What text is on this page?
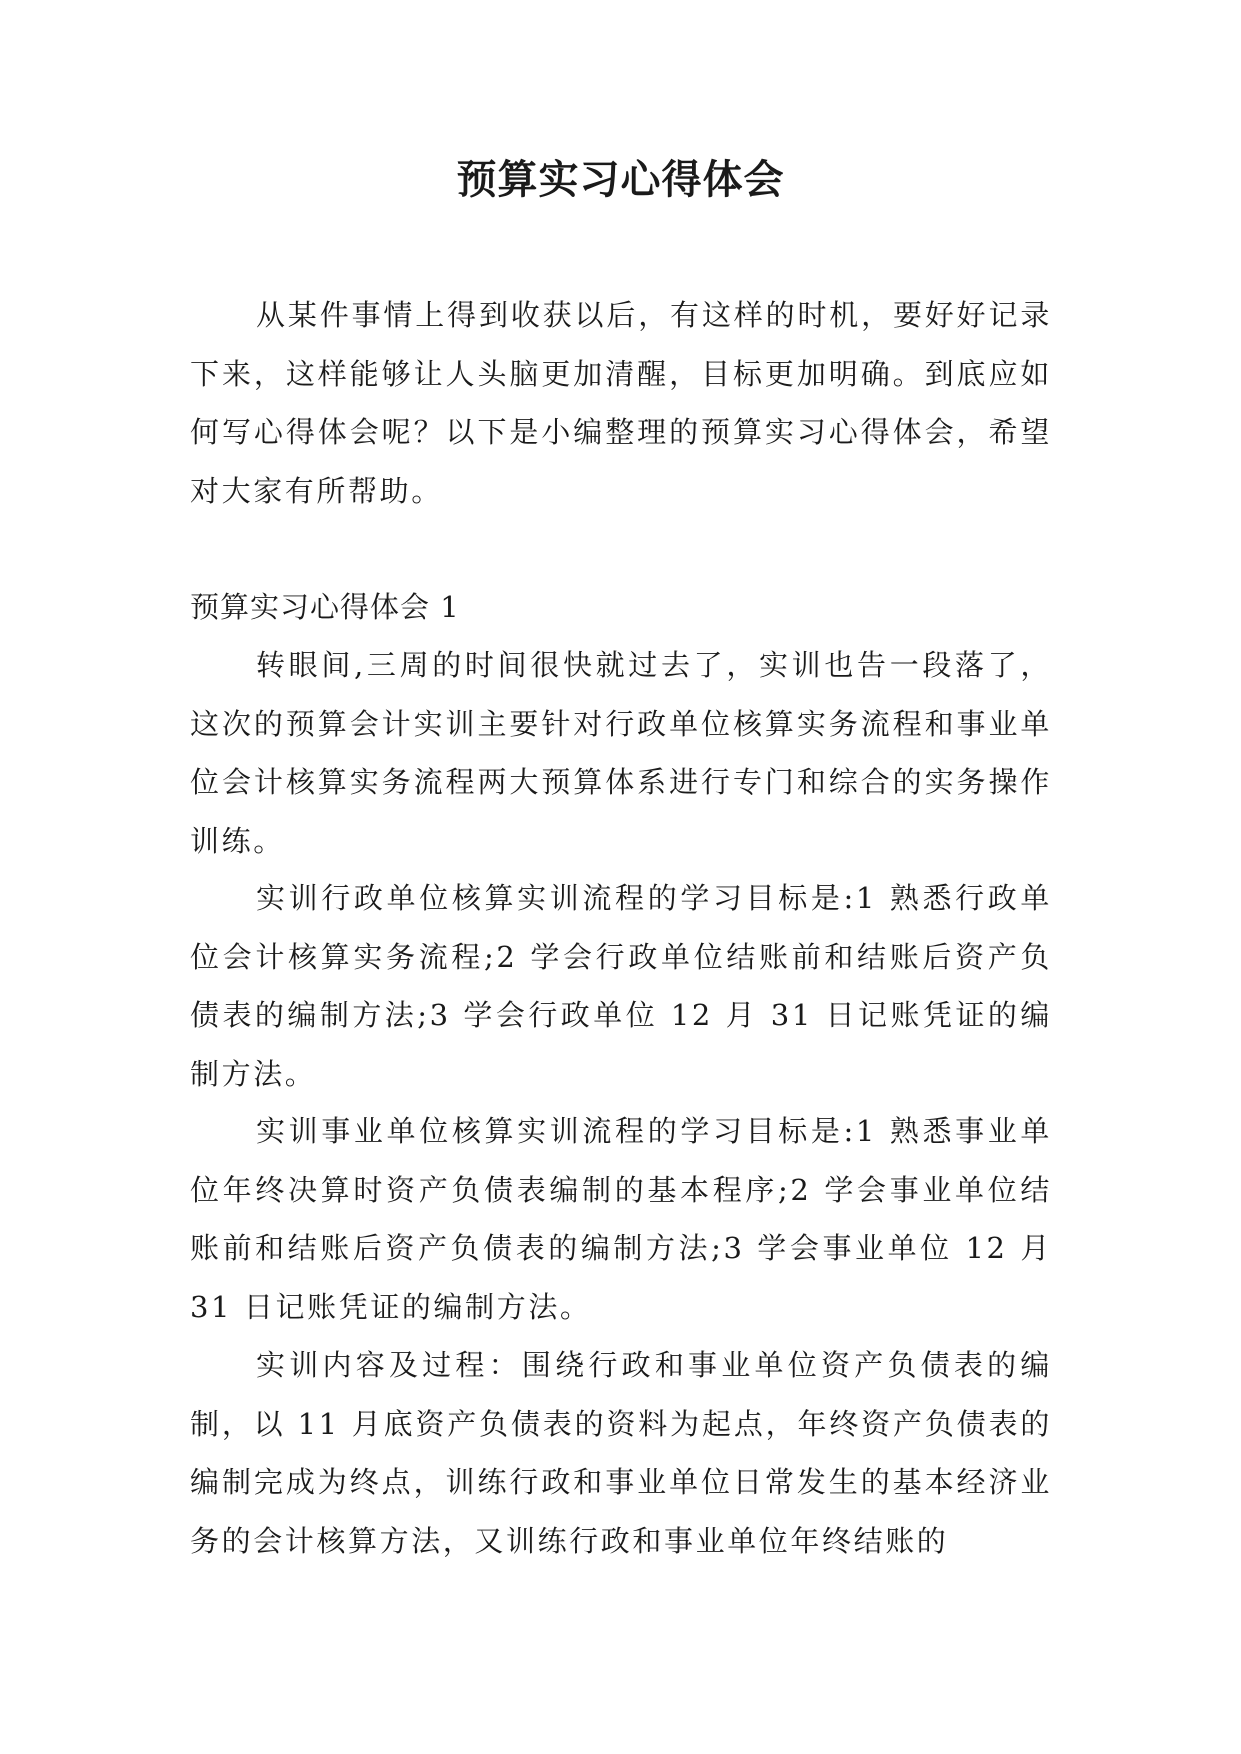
预算实习心得体会

从某件事情上得到收获以后，有这样的时机，要好好记录下来，这样能够让人头脑更加清醒，目标更加明确。到底应如何写心得体会呢？以下是小编整理的预算实习心得体会，希望对大家有所帮助。

预算实习心得体会 1

转眼间,三周的时间很快就过去了，实训也告一段落了，这次的预算会计实训主要针对行政单位核算实务流程和事业单位会计核算实务流程两大预算体系进行专门和综合的实务操作训练。

实训行政单位核算实训流程的学习目标是:1 熟悉行政单位会计核算实务流程;2 学会行政单位结账前和结账后资产负债表的编制方法;3 学会行政单位 12 月 31 日记账凭证的编制方法。

实训事业单位核算实训流程的学习目标是:1 熟悉事业单位年终决算时资产负债表编制的基本程序;2 学会事业单位结账前和结账后资产负债表的编制方法;3 学会事业单位 12 月 31 日记账凭证的编制方法。

实训内容及过程：围绕行政和事业单位资产负债表的编制，以 11 月底资产负债表的资料为起点，年终资产负债表的编制完成为终点，训练行政和事业单位日常发生的基本经济业务的会计核算方法，又训练行政和事业单位年终结账的
